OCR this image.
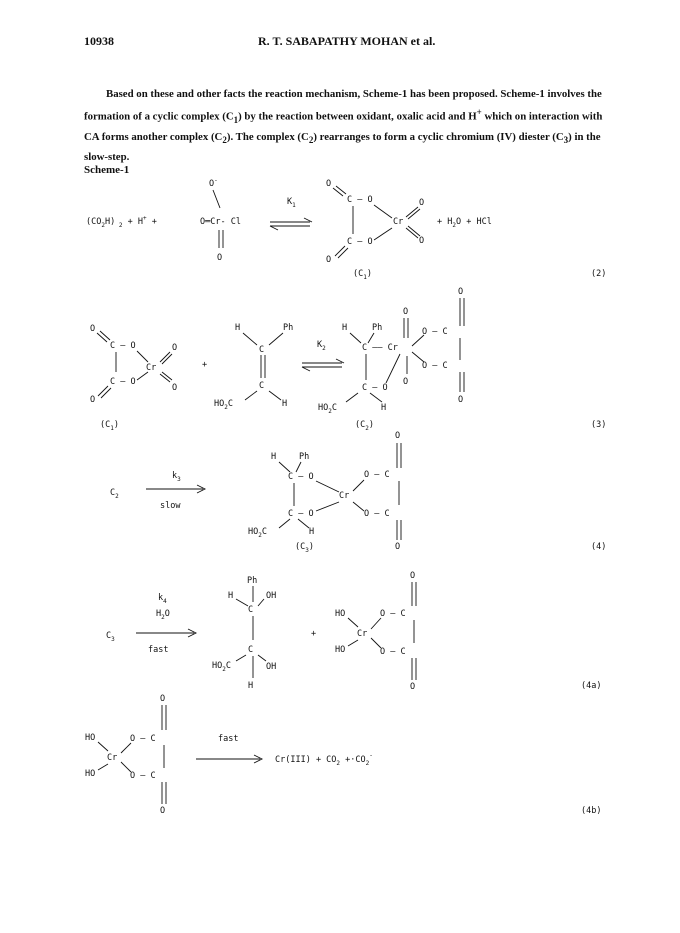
10938	R. T. SABAPATHY MOHAN et al.

Based on these and other facts the reaction mechanism, Scheme-1 has been proposed. Scheme-1 involves the formation of a cyclic complex $(C_1)$ by the reaction between oxidant, oxalic acid and H+ which on interaction with CA forms another complex $(C_2)$. The complex $(C_2)$ rearranges to form a cyclic chromium (IV) diester $(C_3)$ in the slow-step.

Scheme-1
$(CO_2H) _2 + H^+$ +
O-
O═Cr- Cl
O
$K_1$
O
C — O
Cr
O
O
C — O
O
+ $H_2O$ + HCl
$(C_1)$	(2)
O
C — O
Cr
O
O
C — O
O
+
H	Ph
C
C
$HO_2C$	H
$K_2$
H	Ph
C —— Cr
C — O
$HO_2C$	H
O
O
O — C
O — C
O
O
$(C_1)$	$(C_2)$	(3)
$C_2$
$k_3$
slow
H	Ph
C — O
Cr
C — O
$HO_2C$	H
O — C
O — C
O
O
$(C_3)$	(4)
$C_3$
$k_4$
$H_2O$
fast
Ph
H	OH
C
C
$HO_2C$	OH
H
+
HO
Cr
HO
O — C
O — C
O
O	(4a)
HO
Cr
HO
O — C
O — C
O
O
fast
$Cr(III) + CO_2 +\cdot CO_2^-$
(4b)
